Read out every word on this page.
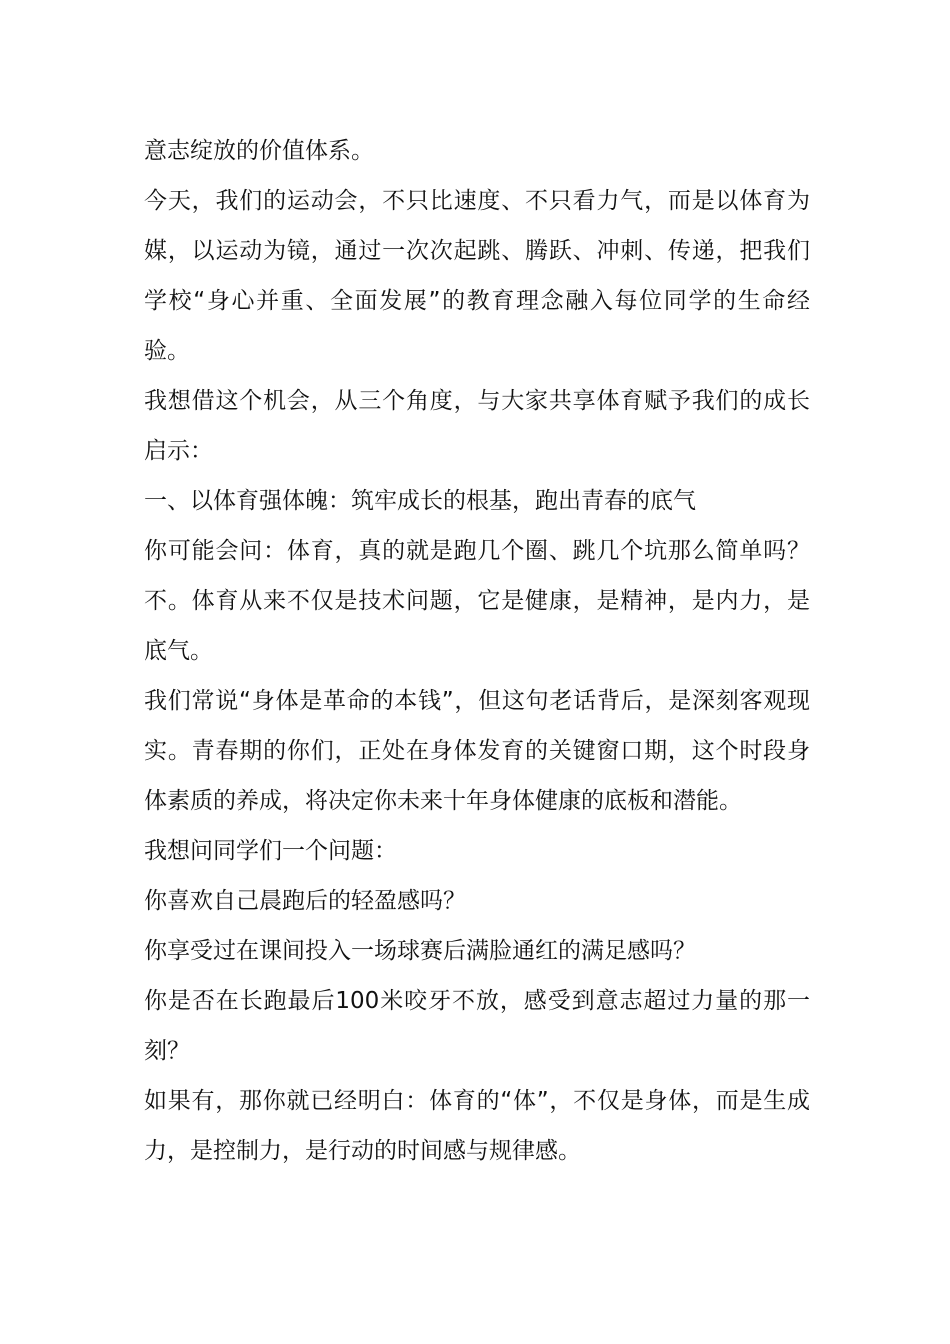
意志绽放的价值体系。

今天，我们的运动会，不只比速度、不只看力气，而是以体育为媒，以运动为镜，通过一次次起跳、腾跃、冲刺、传递，把我们学校“身心并重、全面发展”的教育理念融入每位同学的生命经验。

我想借这个机会，从三个角度，与大家共享体育赋予我们的成长启示：

一、以体育强体魄：筑牢成长的根基，跑出青春的底气

你可能会问：体育，真的就是跑几个圈、跳几个坑那么简单吗？不。体育从来不仅是技术问题，它是健康，是精神，是内力，是底气。

我们常说“身体是革命的本钱”，但这句老话背后，是深刻客观现实。青春期的你们，正处在身体发育的关键窗口期，这个时段身体素质的养成，将决定你未来十年身体健康的底板和潜能。

我想问同学们一个问题：

你喜欢自己晨跑后的轻盈感吗？

你享受过在课间投入一场球赛后满脸通红的满足感吗？

你是否在长跑最后100米咬牙不放，感受到意志超过力量的那一刻？

如果有，那你就已经明白：体育的“体”，不仅是身体，而是生成力，是控制力，是行动的时间感与规律感。
